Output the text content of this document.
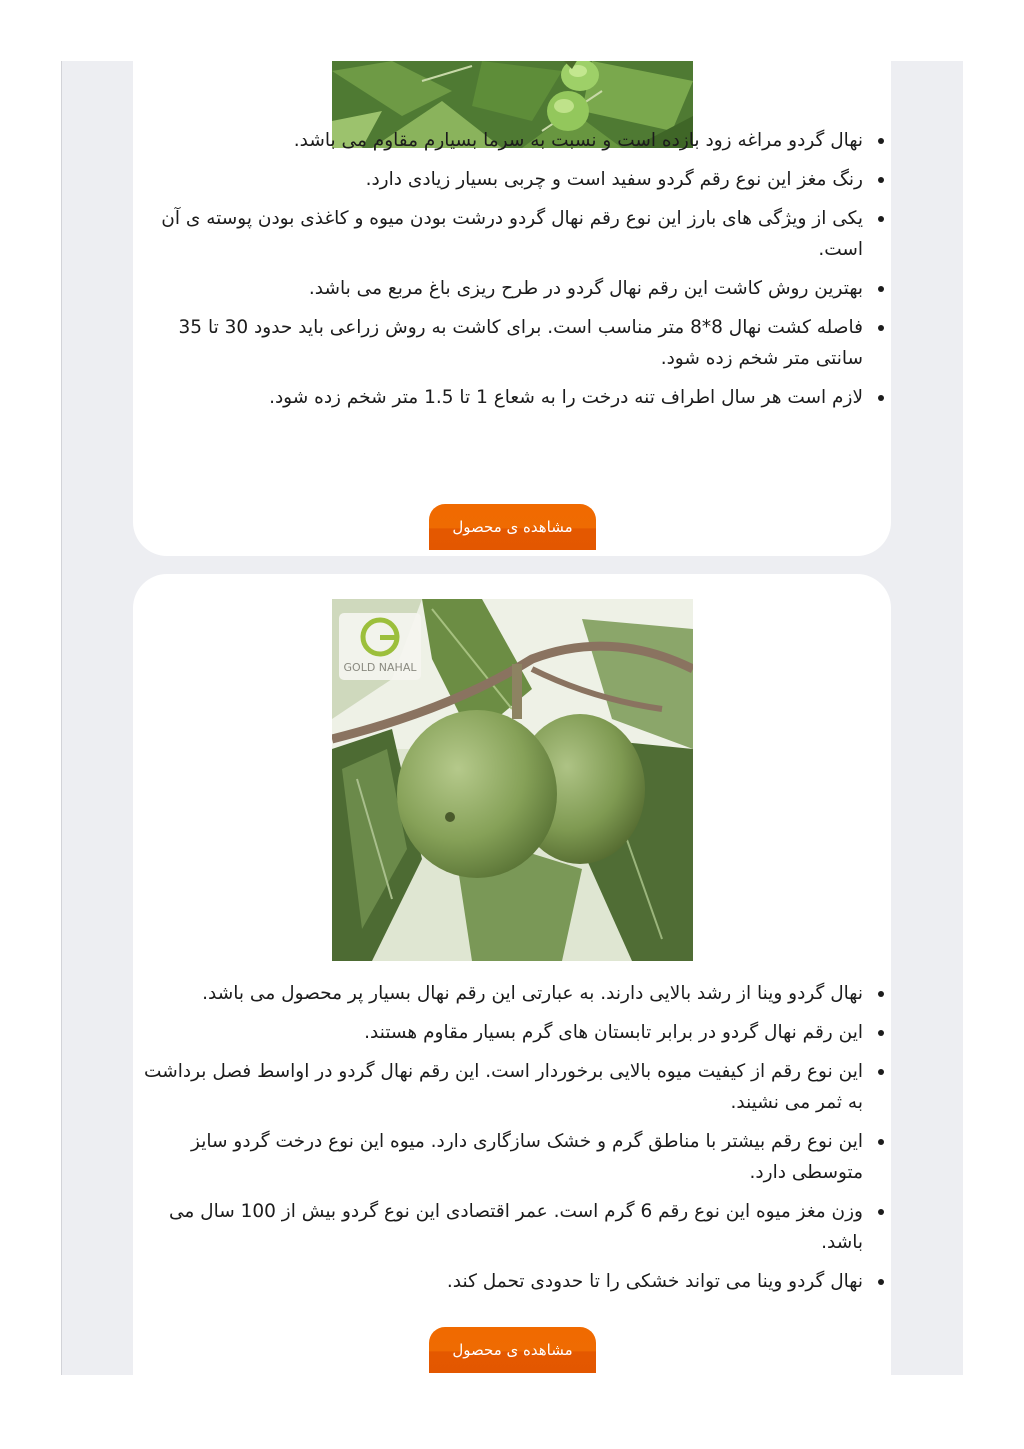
نهال گردو مراغه زود بازده است و نسبت به سرما بسیارم مقاوم می باشد.
رنگ مغز این نوع رقم گردو سفید است و چربی بسیار زیادی دارد.
یکی از ویژگی های بارز این نوع رقم نهال گردو درشت بودن میوه و کاغذی بودن پوسته ی آن است.
بهترین روش کاشت این رقم نهال گردو در طرح ریزی باغ مربع می باشد.
فاصله کشت نهال 8*8 متر مناسب است. برای کاشت به روش زراعی باید حدود 30 تا 35 سانتی متر شخم زده شود.
لازم است هر سال اطراف تنه درخت را به شعاع 1 تا 1.5 متر شخم زده شود.
مشاهده ی محصول
GOLD NAHAL
نهال گردو وینا از رشد بالایی دارند. به عبارتی این رقم نهال بسیار پر محصول می باشد.
این رقم نهال گردو در برابر تابستان های گرم بسیار مقاوم هستند.
این نوع رقم از کیفیت میوه بالایی برخوردار است. این رقم نهال گردو در اواسط فصل برداشت به ثمر می نشیند.
این نوع رقم بیشتر با مناطق گرم و خشک سازگاری دارد. میوه این نوع درخت گردو سایز متوسطی دارد.
وزن مغز میوه این نوع رقم 6 گرم است. عمر اقتصادی این نوع گردو بیش از 100 سال می باشد.
نهال گردو وینا می تواند خشکی را تا حدودی تحمل کند.
مشاهده ی محصول
